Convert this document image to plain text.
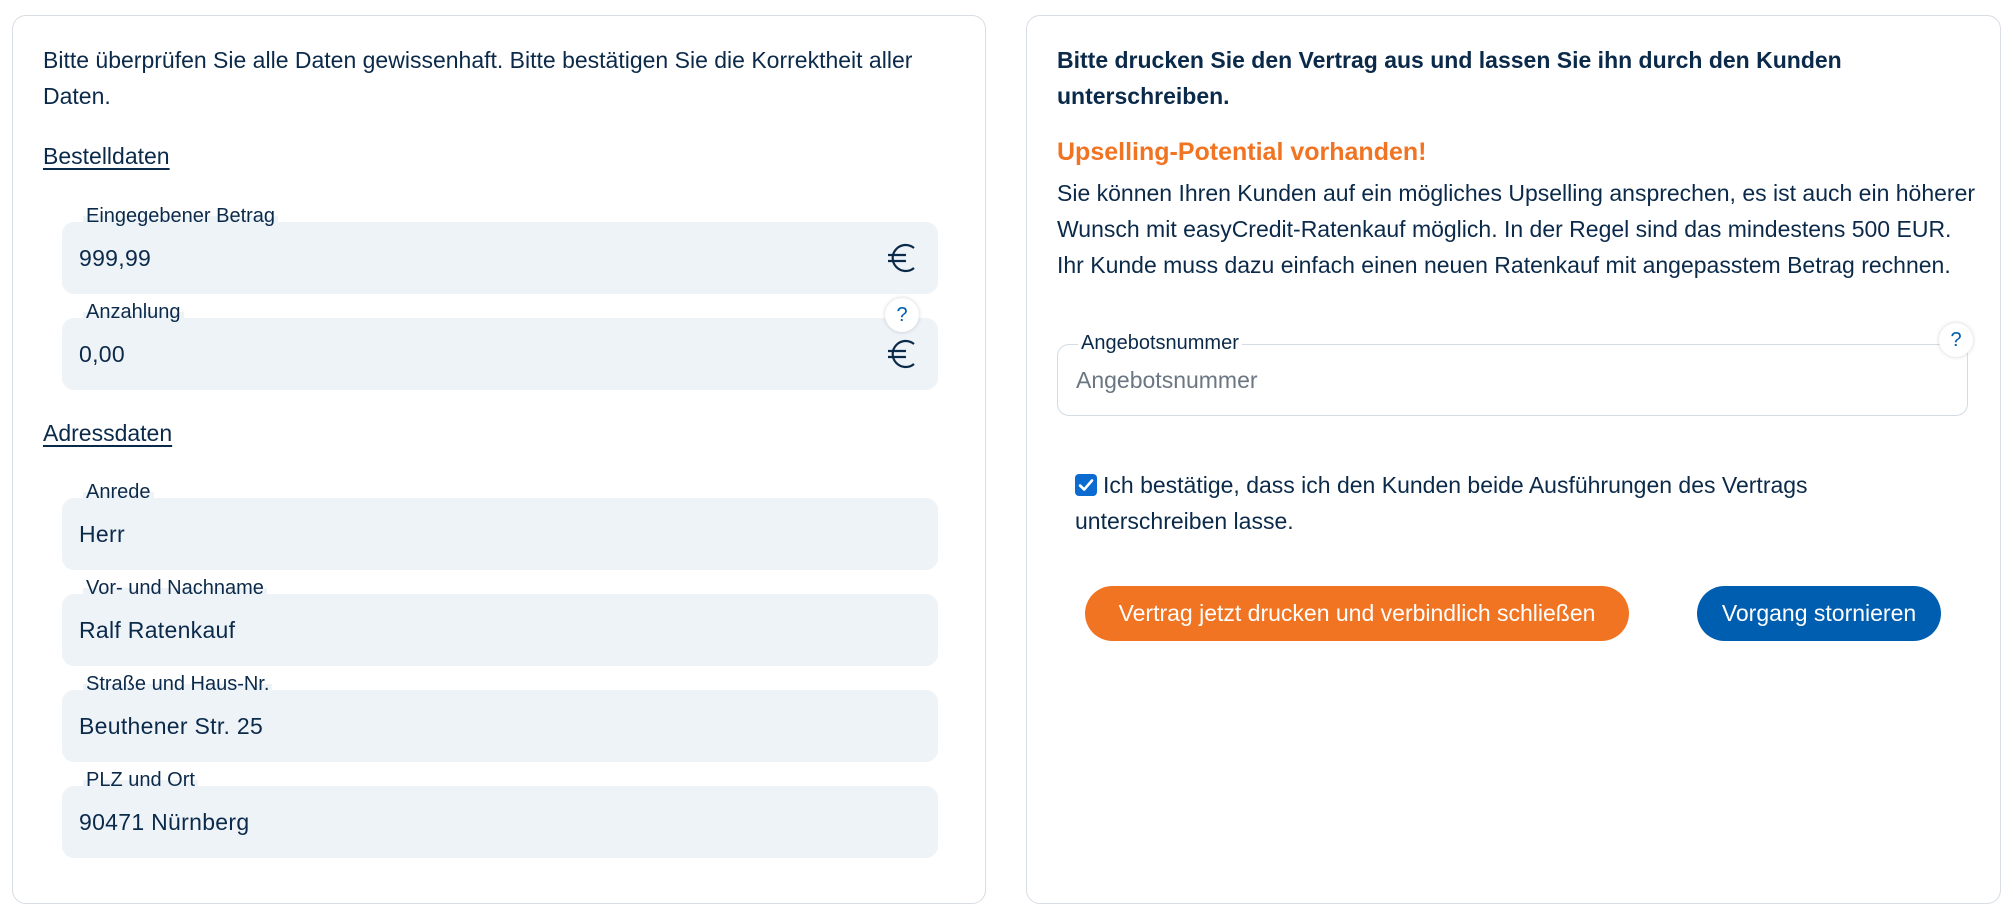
Bitte überprüfen Sie alle Daten gewissenhaft. Bitte bestätigen Sie die Korrektheit aller Daten.

Bestelldaten
Eingegebener Betrag
999,99
Anzahlung
0,00
?
Adressdaten
Anrede
Herr
Vor- und Nachname
Ralf Ratenkauf
Straße und Haus-Nr.
Beuthener Str. 25
PLZ und Ort
90471 Nürnberg

Bitte drucken Sie den Vertrag aus und lassen Sie ihn durch den Kunden unterschreiben.

Upselling-Potential vorhanden!

Sie können Ihren Kunden auf ein mögliches Upselling ansprechen, es ist auch ein höherer Wunsch mit easyCredit-Ratenkauf möglich. In der Regel sind das mindestens 500 EUR. Ihr Kunde muss dazu einfach einen neuen Ratenkauf mit angepasstem Betrag rechnen.

Angebotsnummer
Angebotsnummer	?
Ich bestätige, dass ich den Kunden beide Ausführungen des Vertrags unterschreiben lasse.
Vertrag jetzt drucken und verbindlich schließen	Vorgang stornieren
